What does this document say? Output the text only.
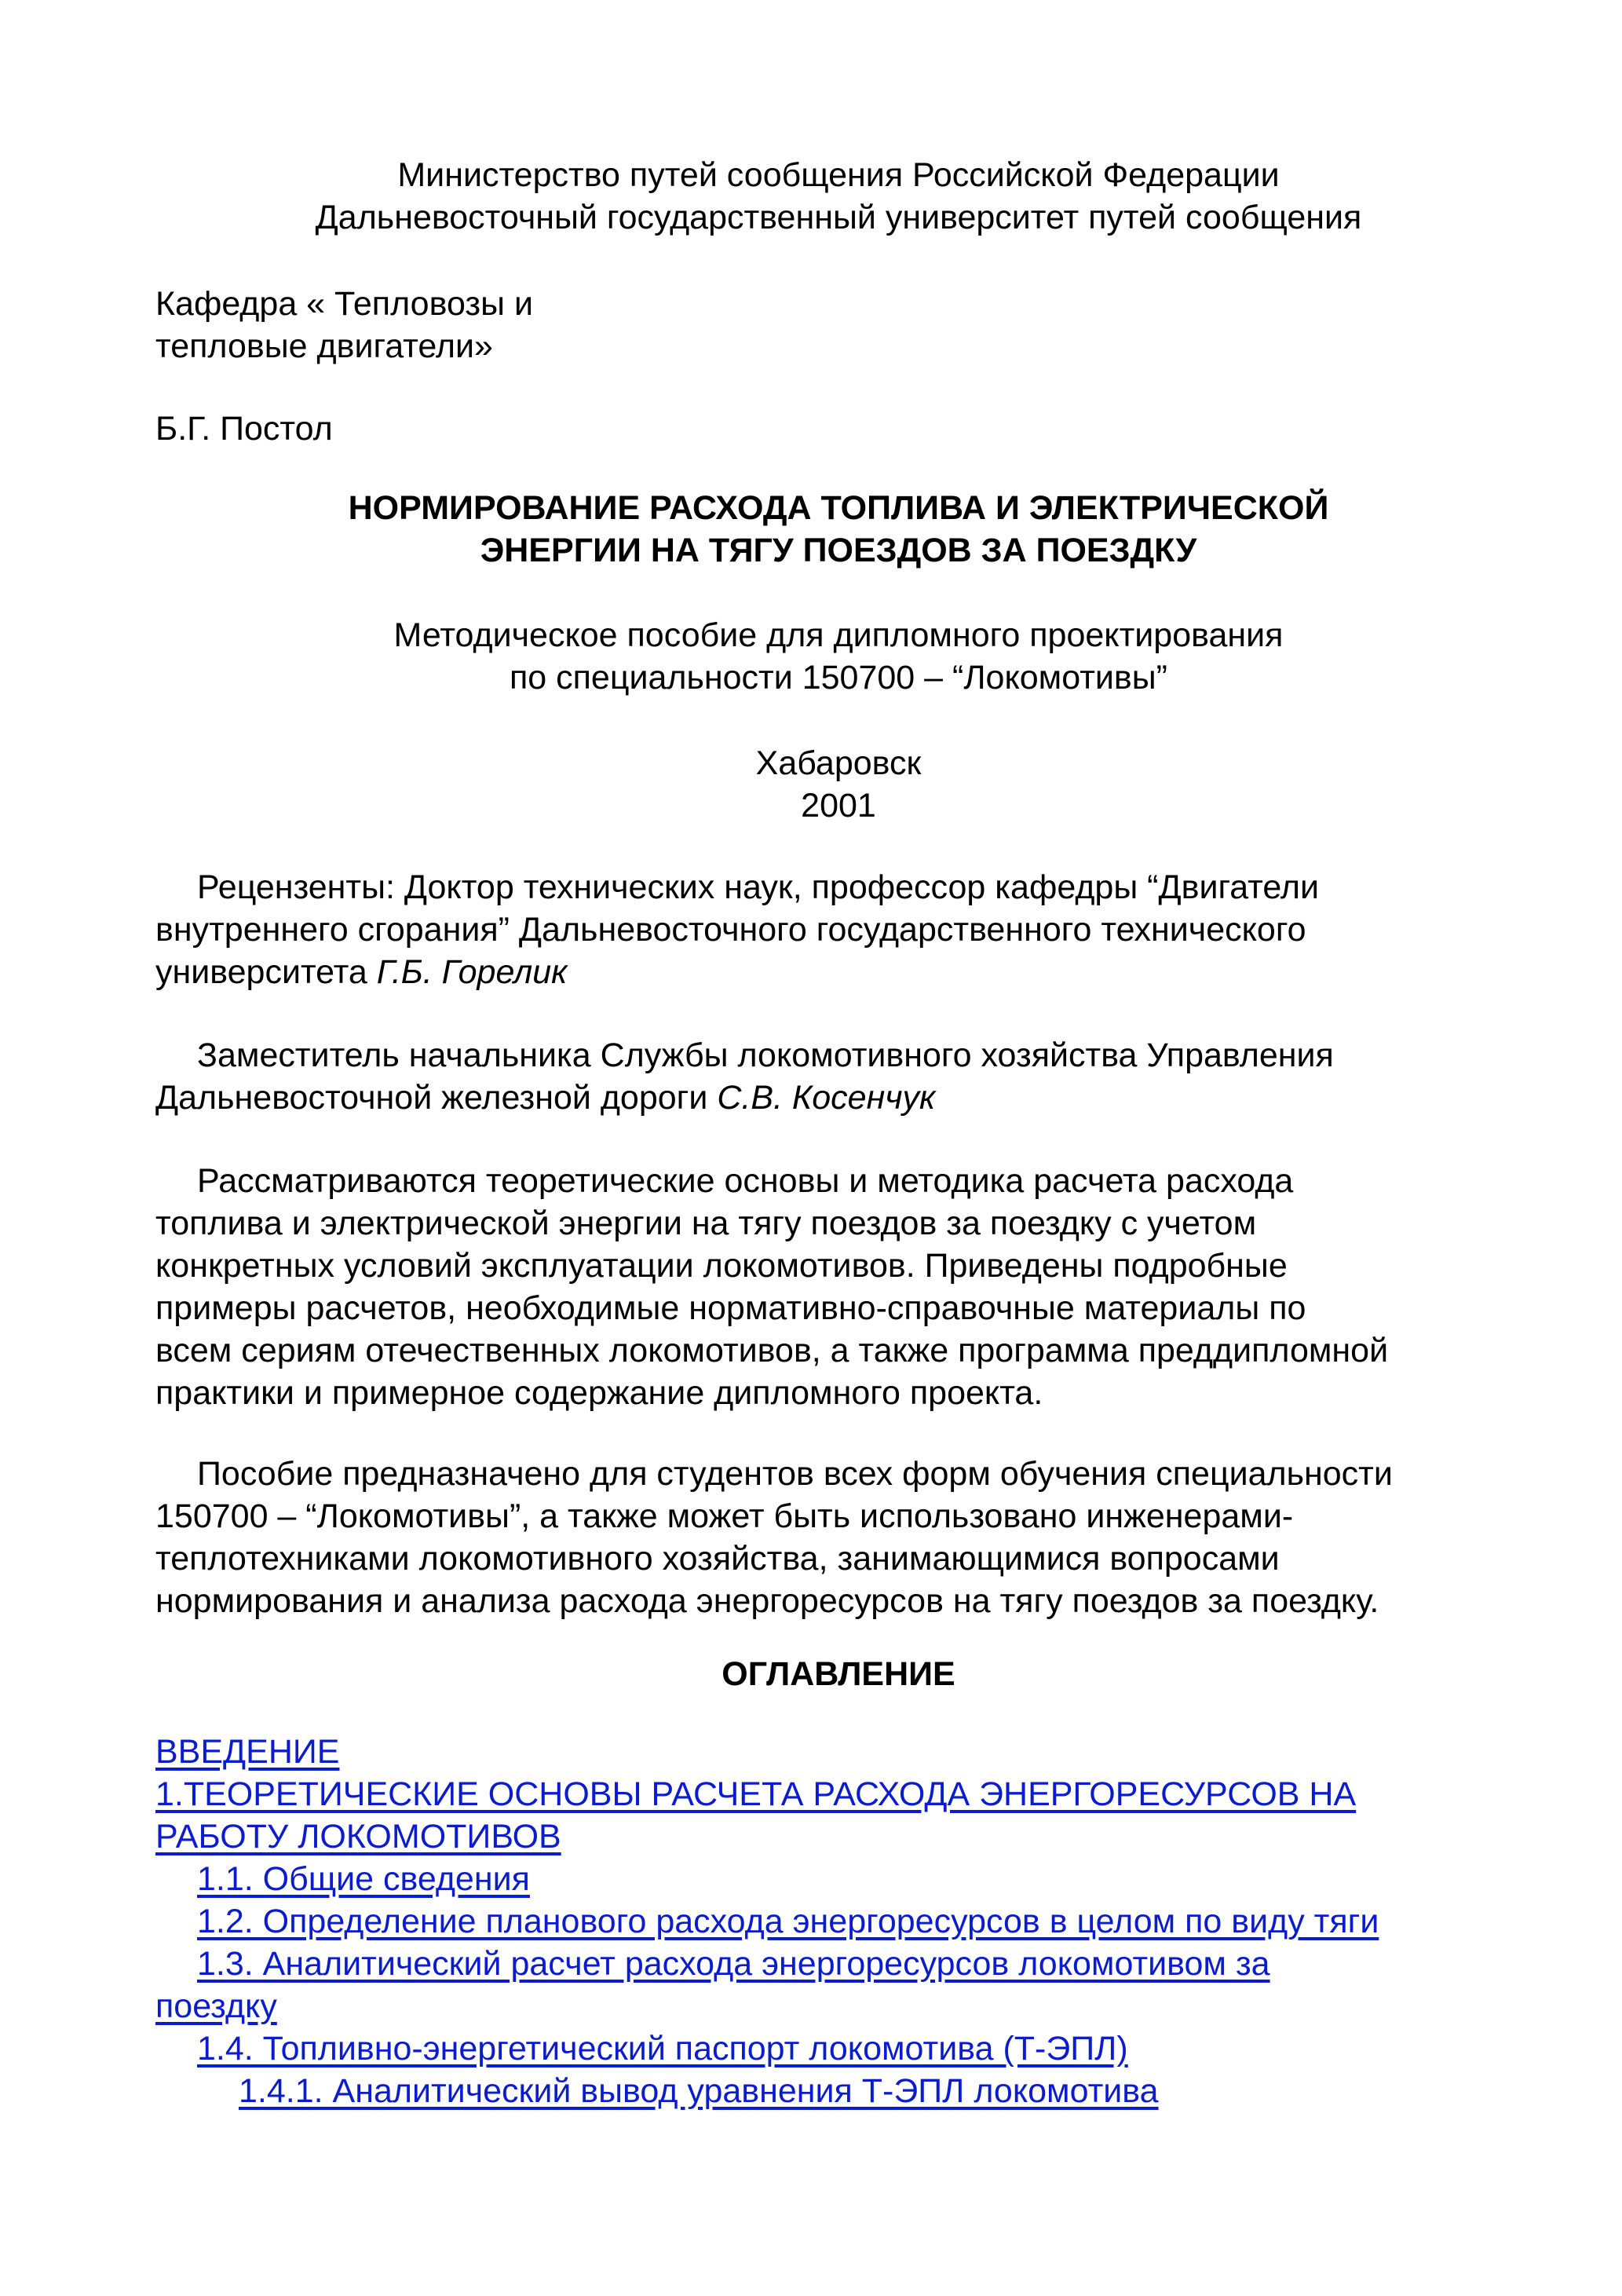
Министерство путей сообщения Российской Федерации
Дальневосточный государственный университет путей сообщения
Кафедра « Тепловозы и
тепловые двигатели»
Б.Г. Постол
НОРМИРОВАНИЕ РАСХОДА ТОПЛИВА И ЭЛЕКТРИЧЕСКОЙ
ЭНЕРГИИ НА ТЯГУ ПОЕЗДОВ ЗА ПОЕЗДКУ
Методическое пособие для дипломного проектирования
по специальности 150700 – “Локомотивы”
Хабаровск
2001
Рецензенты: Доктор технических наук, профессор кафедры “Двигатели
внутреннего сгорания” Дальневосточного государственного технического
университета Г.Б. Горелик
Заместитель начальника Службы локомотивного хозяйства Управления
Дальневосточной железной дороги С.В. Косенчук
Рассматриваются теоретические основы и методика расчета расхода
топлива и электрической энергии на тягу поездов за поездку с учетом
конкретных условий эксплуатации локомотивов. Приведены подробные
примеры расчетов, необходимые нормативно-справочные материалы по
всем сериям отечественных локомотивов, а также программа преддипломной
практики и примерное содержание дипломного проекта.
Пособие предназначено для студентов всех форм обучения специальности
150700 – “Локомотивы”, а также может быть использовано инженерами-
теплотехниками локомотивного хозяйства, занимающимися вопросами
нормирования и анализа расхода энергоресурсов на тягу поездов за поездку.
ОГЛАВЛЕНИЕ
ВВЕДЕНИЕ
1.ТЕОРЕТИЧЕСКИЕ ОСНОВЫ РАСЧЕТА РАСХОДА ЭНЕРГОРЕСУРСОВ НА
РАБОТУ ЛОКОМОТИВОВ
1.1. Общие сведения
1.2. Определение планового расхода энергоресурсов в целом по виду тяги
1.3. Аналитический расчет расхода энергоресурсов локомотивом за
поездку
1.4. Топливно-энергетический паспорт локомотива (Т-ЭПЛ)
1.4.1. Аналитический вывод уравнения Т-ЭПЛ локомотива
